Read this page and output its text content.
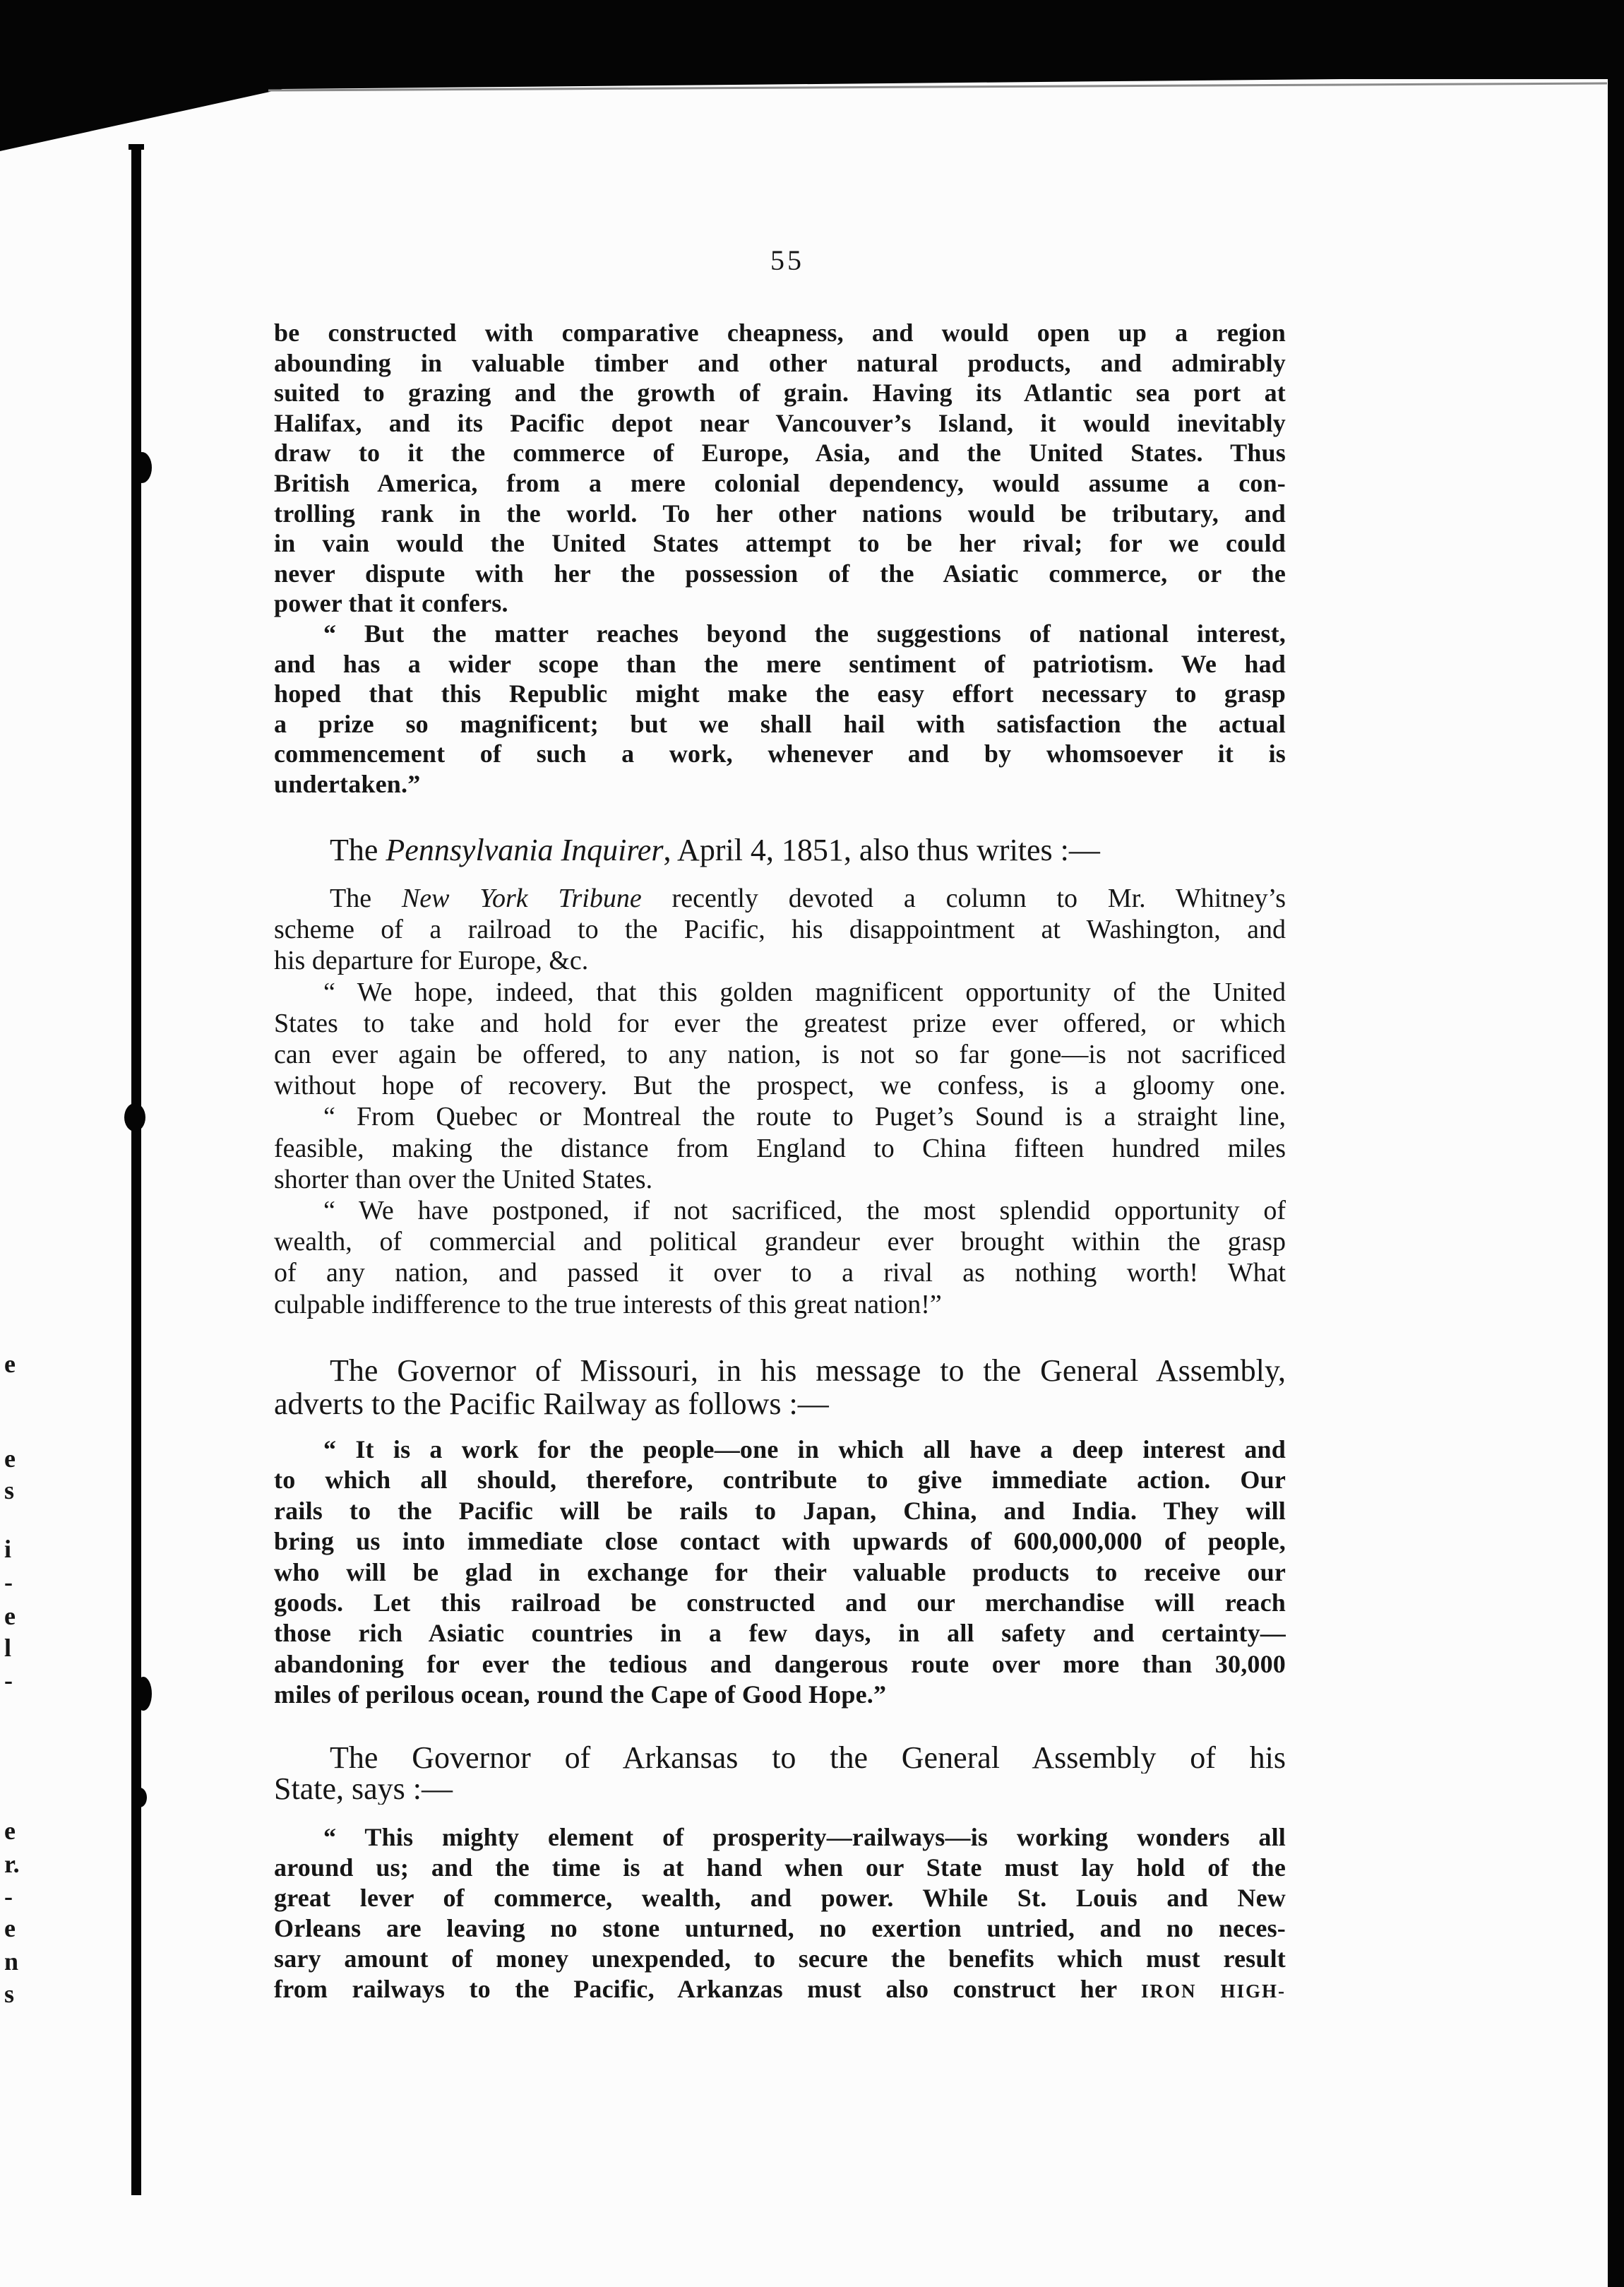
e
e
s
i
-
e
l
-
e
r.
-
e
n
s
55
be constructed with comparative cheapness, and would open up a region
abounding in valuable timber and other natural products, and admirably
suited to grazing and the growth of grain. Having its Atlantic sea port at
Halifax, and its Pacific depot near Vancouver’s Island, it would inevitably
draw to it the commerce of Europe, Asia, and the United States. Thus
British America, from a mere colonial dependency, would assume a con-
trolling rank in the world. To her other nations would be tributary, and
in vain would the United States attempt to be her rival; for we could
never dispute with her the possession of the Asiatic commerce, or the
power that it confers.
“ But the matter reaches beyond the suggestions of national interest,
and has a wider scope than the mere sentiment of patriotism. We had
hoped that this Republic might make the easy effort necessary to grasp
a prize so magnificent; but we shall hail with satisfaction the actual
commencement of such a work, whenever and by whomsoever it is
undertaken.”
The Pennsylvania Inquirer, April 4, 1851, also thus writes :—
The New York Tribune recently devoted a column to Mr. Whitney’s
scheme of a railroad to the Pacific, his disappointment at Washington, and
his departure for Europe, &c.
“ We hope, indeed, that this golden magnificent opportunity of the United
States to take and hold for ever the greatest prize ever offered, or which
can ever again be offered, to any nation, is not so far gone—is not sacrificed
without hope of recovery. But the prospect, we confess, is a gloomy one.
“ From Quebec or Montreal the route to Puget’s Sound is a straight line,
feasible, making the distance from England to China fifteen hundred miles
shorter than over the United States.
“ We have postponed, if not sacrificed, the most splendid opportunity of
wealth, of commercial and political grandeur ever brought within the grasp
of any nation, and passed it over to a rival as nothing worth! What
culpable indifference to the true interests of this great nation!”
The Governor of Missouri, in his message to the General Assembly,
adverts to the Pacific Railway as follows :—
“ It is a work for the people—one in which all have a deep interest and
to which all should, therefore, contribute to give immediate action. Our
rails to the Pacific will be rails to Japan, China, and India. They will
bring us into immediate close contact with upwards of 600,000,000 of people,
who will be glad in exchange for their valuable products to receive our
goods. Let this railroad be constructed and our merchandise will reach
those rich Asiatic countries in a few days, in all safety and certainty—
abandoning for ever the tedious and dangerous route over more than 30,000
miles of perilous ocean, round the Cape of Good Hope.”
The Governor of Arkansas to the General Assembly of his
State, says :—
“ This mighty element of prosperity—railways—is working wonders all
around us; and the time is at hand when our State must lay hold of the
great lever of commerce, wealth, and power. While St. Louis and New
Orleans are leaving no stone unturned, no exertion untried, and no neces-
sary amount of money unexpended, to secure the benefits which must result
from railways to the Pacific, Arkanzas must also construct her IRON HIGH-
